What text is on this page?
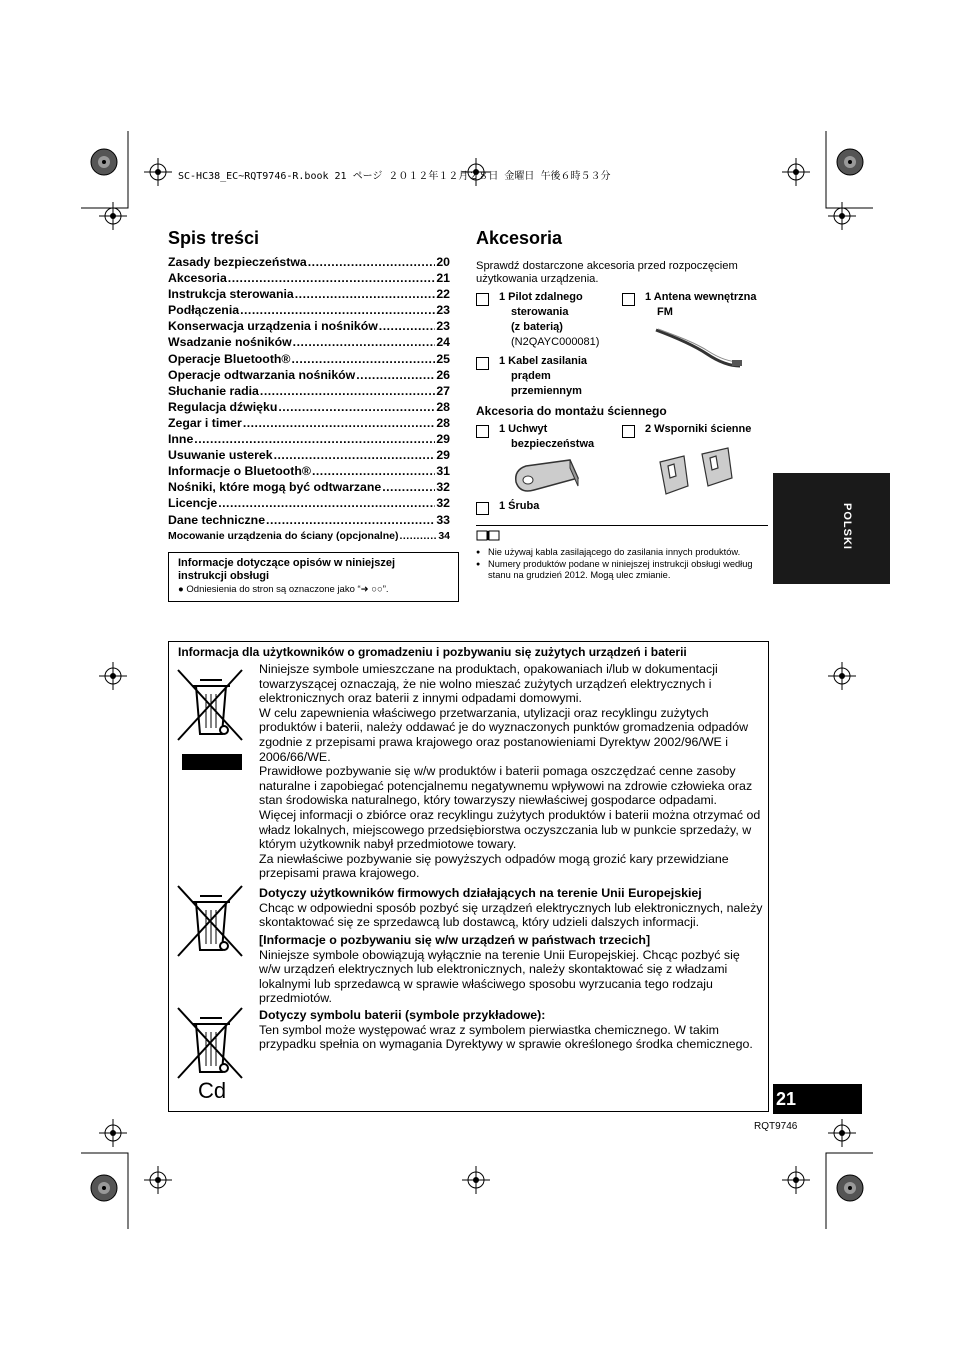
SC-HC38_EC~RQT9746-R.book 21 ページ ２０１２年１２月２８日 金曜日 午後６時５３分
Spis treści
Zasady bezpieczeństwa .....	20
Akcesoria .....	21
Instrukcja sterowania .....	22
Podłączenia .....	23
Konserwacja urządzenia i nośników .....	23
Wsadzanie nośników .....	24
Operacje Bluetooth® .....	25
Operacje odtwarzania nośników .....	26
Słuchanie radia .....	27
Regulacja dźwięku .....	28
Zegar i timer .....	28
Inne .....	29
Usuwanie usterek .....	29
Informacje o Bluetooth® .....	31
Nośniki, które mogą być odtwarzane .....	32
Licencje .....	32
Dane techniczne .....	33
Mocowanie urządzenia do ściany (opcjonalne) .....	34
Informacje dotyczące opisów w niniejszej instrukcji obsługi
● Odniesienia do stron są oznaczone jako “➜ ○○”.
Akcesoria
Sprawdź dostarczone akcesoria przed rozpoczęciem użytkowania urządzenia.
1 Pilot zdalnego
sterowania
(z baterią)
(N2QAYC000081)
1 Antena wewnętrzna
FM
1 Kabel zasilania
prądem
przemiennym
Akcesoria do montażu ściennego
1 Uchwyt
bezpieczeństwa
2 Wsporniki ścienne
1 Śruba
● Nie używaj kabla zasilającego do zasilania innych produktów.
● Numery produktów podane w niniejszej instrukcji obsługi według stanu na grudzień 2012. Mogą ulec zmianie.
POLSKI
Informacja dla użytkowników o gromadzeniu i pozbywaniu się zużytych urządzeń i baterii
Cd
Niniejsze symbole umieszczane na produktach, opakowaniach i/lub w dokumentacji towarzyszącej oznaczają, że nie wolno mieszać zużytych urządzeń elektrycznych i elektronicznych oraz baterii z innymi odpadami domowymi.
W celu zapewnienia właściwego przetwarzania, utylizacji oraz recyklingu zużytych produktów i baterii, należy oddawać je do wyznaczonych punktów gromadzenia odpadów zgodnie z przepisami prawa krajowego oraz postanowieniami Dyrektyw 2002/96/WE i 2006/66/WE.
Prawidłowe pozbywanie się w/w produktów i baterii pomaga oszczędzać cenne zasoby naturalne i zapobiegać potencjalnemu negatywnemu wpływowi na zdrowie człowieka oraz stan środowiska naturalnego, który towarzyszy niewłaściwej gospodarce odpadami.
Więcej informacji o zbiórce oraz recyklingu zużytych produktów i baterii można otrzymać od władz lokalnych, miejscowego przedsiębiorstwa oczyszczania lub w punkcie sprzedaży, w którym użytkownik nabył przedmiotowe towary.
Za niewłaściwe pozbywanie się powyższych odpadów mogą grozić kary przewidziane przepisami prawa krajowego.
Dotyczy użytkowników firmowych działających na terenie Unii Europejskiej
Chcąc w odpowiedni sposób pozbyć się urządzeń elektrycznych lub elektronicznych, należy skontaktować się ze sprzedawcą lub dostawcą, który udzieli dalszych informacji.
[Informacje o pozbywaniu się w/w urządzeń w państwach trzecich]
Niniejsze symbole obowiązują wyłącznie na terenie Unii Europejskiej. Chcąc pozbyć się w/w urządzeń elektrycznych lub elektronicznych, należy skontaktować się z władzami lokalnymi lub sprzedawcą w sprawie właściwego sposobu wyrzucania tego rodzaju przedmiotów.
Dotyczy symbolu baterii (symbole przykładowe):
Ten symbol może występować wraz z symbolem pierwiastka chemicznego. W takim przypadku spełnia on wymagania Dyrektywy w sprawie określonego środka chemicznego.
21
RQT9746
